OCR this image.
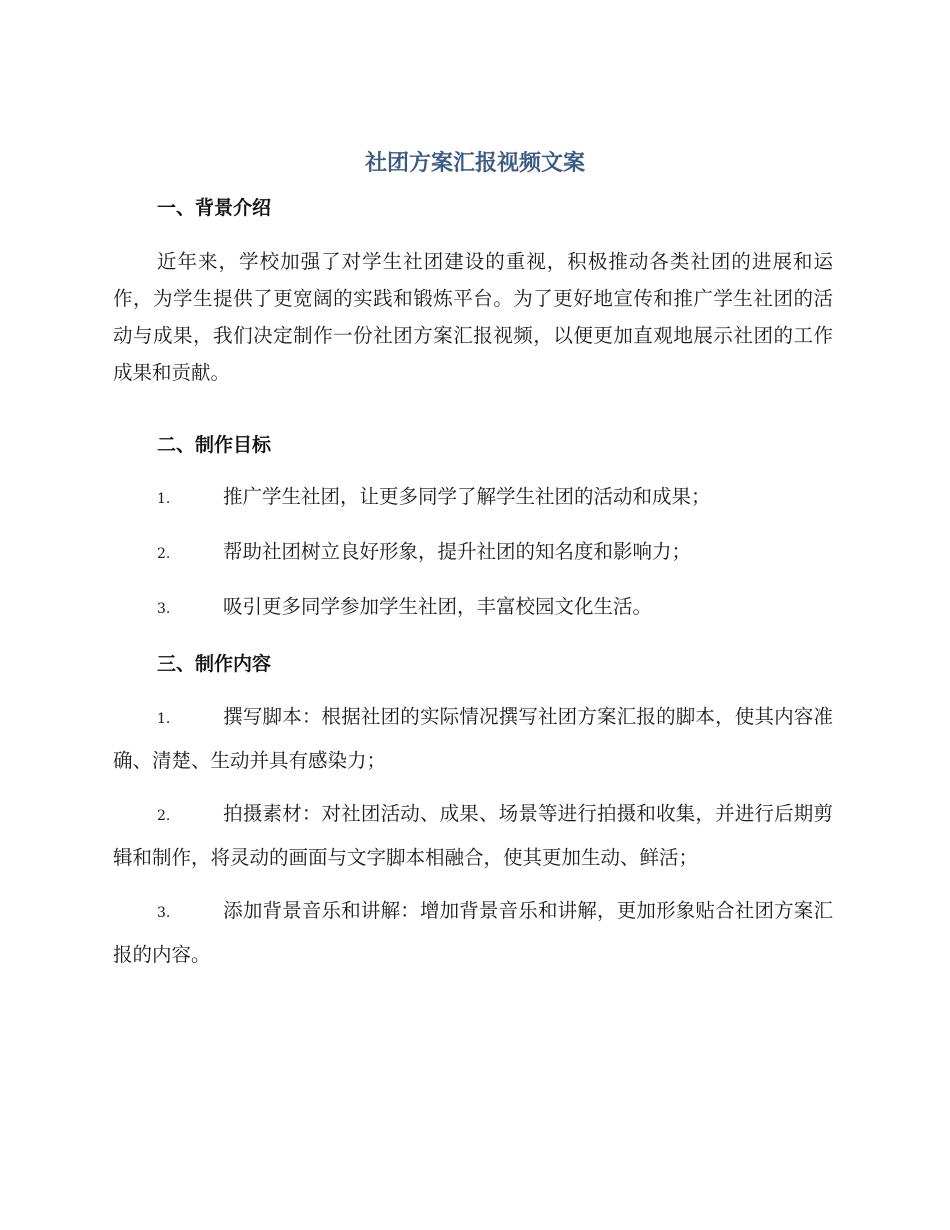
社团方案汇报视频文案
一、背景介绍

近年来，学校加强了对学生社团建设的重视，积极推动各类社团的进展和运作，为学生提供了更宽阔的实践和锻炼平台。为了更好地宣传和推广学生社团的活动与成果，我们决定制作一份社团方案汇报视频，以便更加直观地展示社团的工作成果和贡献。

二、制作目标

1.	推广学生社团，让更多同学了解学生社团的活动和成果；

2.	帮助社团树立良好形象，提升社团的知名度和影响力；

3.	吸引更多同学参加学生社团，丰富校园文化生活。

三、制作内容

1.	撰写脚本：根据社团的实际情况撰写社团方案汇报的脚本，使其内容准确、清楚、生动并具有感染力；

2.	拍摄素材：对社团活动、成果、场景等进行拍摄和收集，并进行后期剪辑和制作，将灵动的画面与文字脚本相融合，使其更加生动、鲜活；

3.	添加背景音乐和讲解：增加背景音乐和讲解，更加形象贴合社团方案汇报的内容。
